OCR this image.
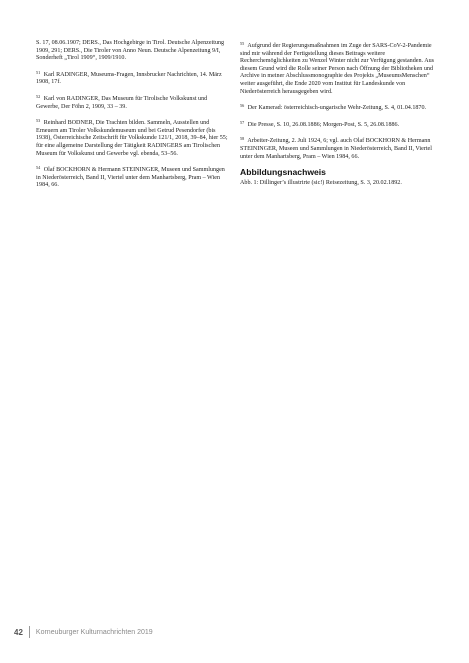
S. 17, 08.06.1907; DERS., Das Hochgebirge in Tirol. Deutsche Alpenzeitung 1909, 291; DERS., Die Tiroler von Anno Neun. Deutsche Alpenzeitung 9/I, Sonderheft „Tirol 1909“, 1909/1910.

$^{51}$ Karl RADINGER, Museums-Fragen, Innsbrucker Nachrichten, 14. März 1908, 17f.

$^{52}$ Karl von RADINGER, Das Museum für Tirolische Volkskunst und Gewerbe, Der Föhn 2, 1909, 33 – 39.

$^{53}$ Reinhard BODNER, Die Trachten bilden. Sammeln, Ausstellen und Erneuern am Tiroler Volkskundemuseum und bei Getrud Pesendorfer (bis 1938), Österreichische Zeitschrift für Volkskunde 121/1, 2018, 39–84, hier 55; für eine allgemeine Darstellung der Tätigkeit RADINGERS am Tirolischen Museum für Volkskunst und Gewerbe vgl. ebenda, 53–56.

$^{54}$ Olaf BOCKHORN & Hermann STEININGER, Museen und Sammlungen in Niederösterreich, Band II, Viertel unter dem Manhartsberg, Pram – Wien 1984, 66.

$^{55}$ Aufgrund der Regierungsmaßnahmen im Zuge der SARS-CoV-2-Pandemie sind mir während der Fertigstellung dieses Beitrags weitere Recherchemöglichkeiten zu Wenzel Winter nicht zur Verfügung gestanden. Aus diesem Grund wird die Rolle seiner Person nach Öffnung der Bibliotheken und Archive in meiner Abschlussmonographie des Projekts „MuseumsMenschen“ weiter ausgeführt, die Ende 2020 vom Institut für Landeskunde von Niederösterreich herausgegeben wird.

$^{56}$ Der Kamerad: österreichisch-ungarische Wehr-Zeitung, S. 4, 01.04.1870.

$^{57}$ Die Presse, S. 10, 26.08.1886; Morgen-Post, S. 5, 26.08.1886.

$^{58}$ Arbeiter-Zeitung, 2. Juli 1924, 6; vgl. auch Olaf BOCKHORN & Hermann STEININGER, Museen und Sammlungen in Niederösterreich, Band II, Viertel unter dem Manhartsberg, Pram – Wien 1984, 66.

Abbildungsnachweis

Abb. 1: Dillinger’s illustrirte (sic!) Reisezeitung, S. 3, 20.02.1892.

42 Korneuburger Kulturnachrichten 2019
